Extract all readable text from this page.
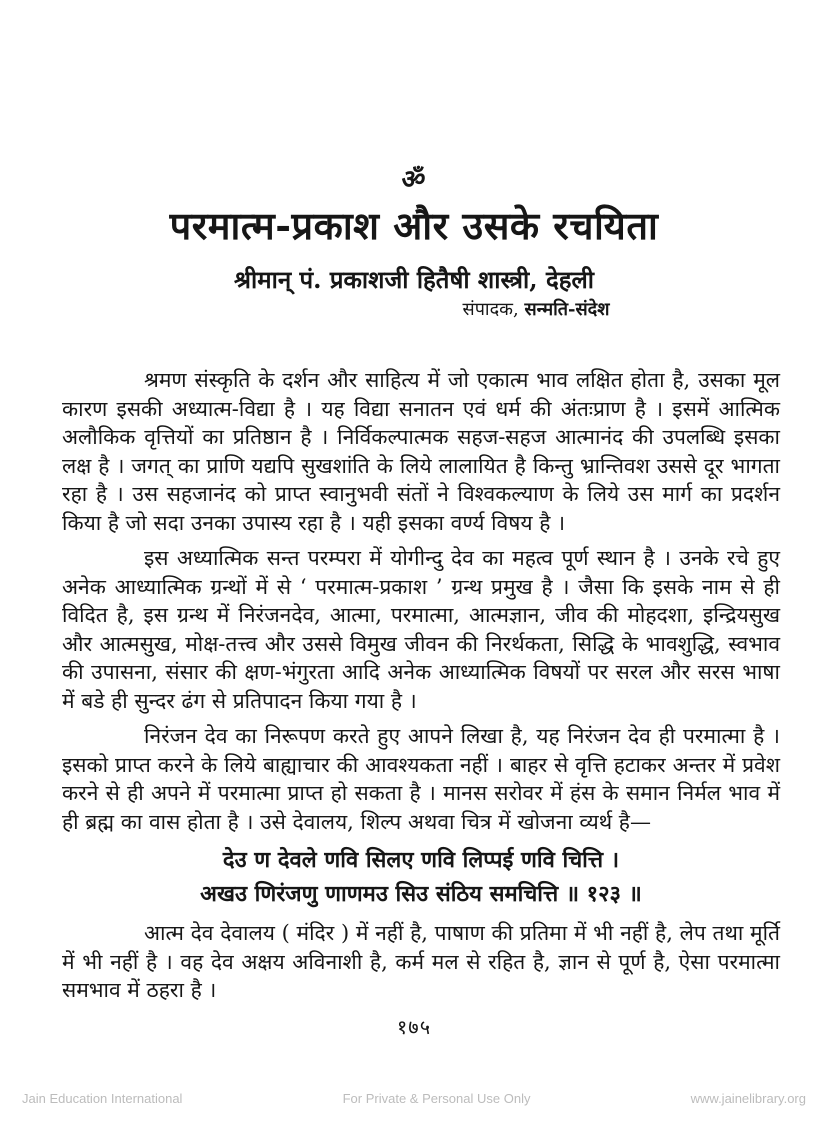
ॐ
परमात्म-प्रकाश और उसके रचयिता
श्रीमान् पं. प्रकाशजी हितैषी शास्त्री, देहली
संपादक, सन्मति-संदेश

श्रमण संस्कृति के दर्शन और साहित्य में जो एकात्म भाव लक्षित होता है, उसका मूल कारण इसकी अध्यात्म-विद्या है । यह विद्या सनातन एवं धर्म की अंतःप्राण है । इसमें आत्मिक अलौकिक वृत्तियों का प्रतिष्ठान है । निर्विकल्पात्मक सहज-सहज आत्मानंद की उपलब्धि इसका लक्ष है । जगत् का प्राणि यद्यपि सुखशांति के लिये लालायित है किन्तु भ्रान्तिवश उससे दूर भागता रहा है । उस सहजानंद को प्राप्त स्वानुभवी संतों ने विश्वकल्याण के लिये उस मार्ग का प्रदर्शन किया है जो सदा उनका उपास्य रहा है । यही इसका वर्ण्य विषय है ।

इस अध्यात्मिक सन्त परम्परा में योगीन्दु देव का महत्व पूर्ण स्थान है । उनके रचे हुए अनेक आध्यात्मिक ग्रन्थों में से ‘ परमात्म-प्रकाश ’ ग्रन्थ प्रमुख है । जैसा कि इसके नाम से ही विदित है, इस ग्रन्थ में निरंजनदेव, आत्मा, परमात्मा, आत्मज्ञान, जीव की मोहदशा, इन्द्रियसुख और आत्मसुख, मोक्ष-तत्त्व और उससे विमुख जीवन की निरर्थकता, सिद्धि के भावशुद्धि, स्वभाव की उपासना, संसार की क्षण-भंगुरता आदि अनेक आध्यात्मिक विषयों पर सरल और सरस भाषा में बडे ही सुन्दर ढंग से प्रतिपादन किया गया है ।

निरंजन देव का निरूपण करते हुए आपने लिखा है, यह निरंजन देव ही परमात्मा है । इसको प्राप्त करने के लिये बाह्याचार की आवश्यकता नहीं । बाहर से वृत्ति हटाकर अन्तर में प्रवेश करने से ही अपने में परमात्मा प्राप्त हो सकता है । मानस सरोवर में हंस के समान निर्मल भाव में ही ब्रह्म का वास होता है । उसे देवालय, शिल्प अथवा चित्र में खोजना व्यर्थ है—

देउ ण देवले णवि सिलए णवि लिप्पई णवि चित्ति ।
अखउ णिरंजणु णाणमउ सिउ संठिय समचित्ति ॥ १२३ ॥

आत्म देव देवालय ( मंदिर ) में नहीं है, पाषाण की प्रतिमा में भी नहीं है, लेप तथा मूर्ति में भी नहीं है । वह देव अक्षय अविनाशी है, कर्म मल से रहित है, ज्ञान से पूर्ण है, ऐसा परमात्मा समभाव में ठहरा है ।

१७५
Jain Education International	For Private & Personal Use Only	www.jainelibrary.org
